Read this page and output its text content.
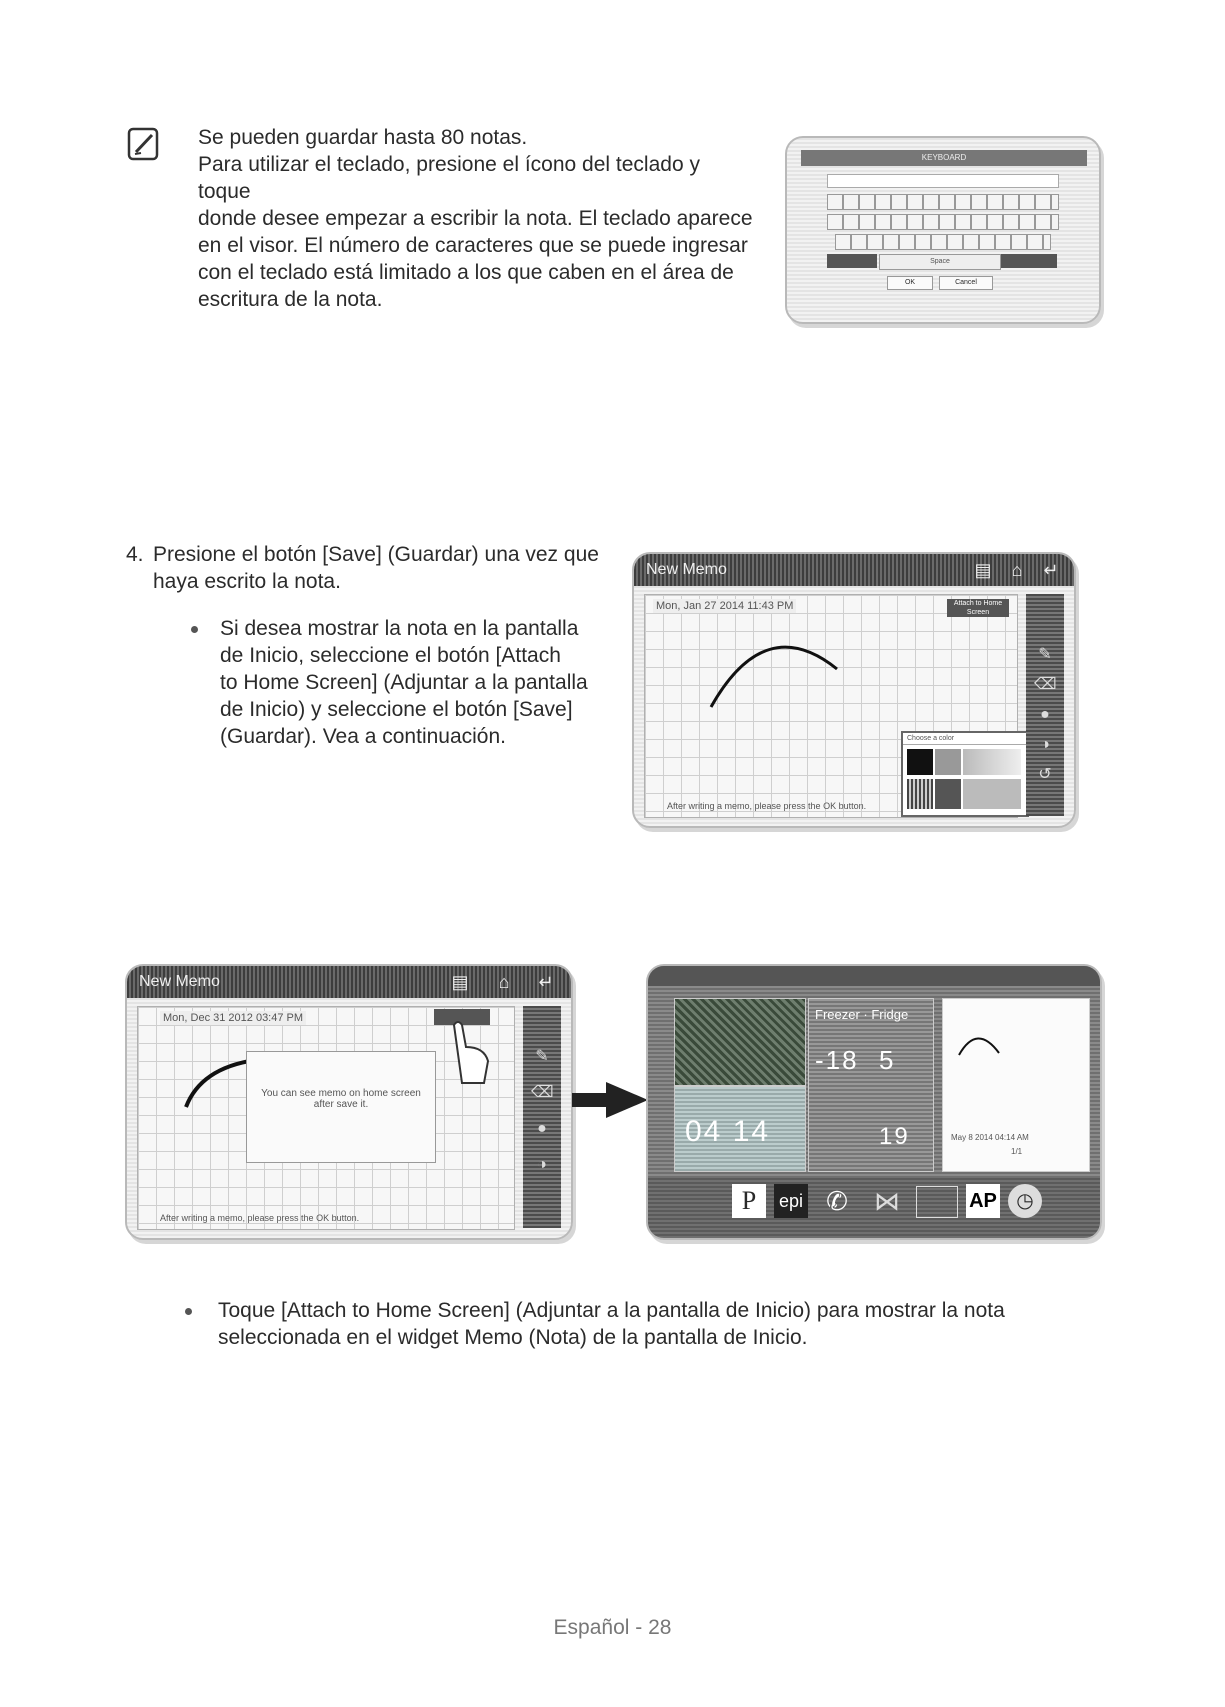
Se pueden guardar hasta 80 notas.

Para utilizar el teclado, presione el ícono del teclado y toque

donde desee empezar a escribir la nota. El teclado aparece

en el visor. El número de caracteres que se puede ingresar

con el teclado está limitado a los que caben en el área de

escritura de la nota.

KEYBOARD
Space
OK	Cancel
4. Presione el botón [Save] (Guardar) una vez que

haya escrito la nota.

Si desea mostrar la nota en la pantalla

de Inicio, seleccione el botón [Attach

to Home Screen] (Adjuntar a la pantalla

de Inicio) y seleccione el botón [Save]

(Guardar). Vea a continuación.

New Memo	▤	⌂	↵
Mon, Jan 27 2014 11:43 PM	Attach to Home Screen
After writing a memo, please press the OK button.
Choose a color
✎
⌫
●
◑
↺
New Memo	▤	⌂	↵
Mon, Dec 31 2012 03:47 PM
You can see memo on home screen
after save it.
After writing a memo, please press the OK button.
✎
⌫
●
◑
04 14
Freezer · Fridge
-18 5
19	May 8 2014 04:14 AM
1/1
P	epi ✆ ⋈	AP ◷

Toque [Attach to Home Screen] (Adjuntar a la pantalla de Inicio) para mostrar la nota

seleccionada en el widget Memo (Nota) de la pantalla de Inicio.

Español - 28
